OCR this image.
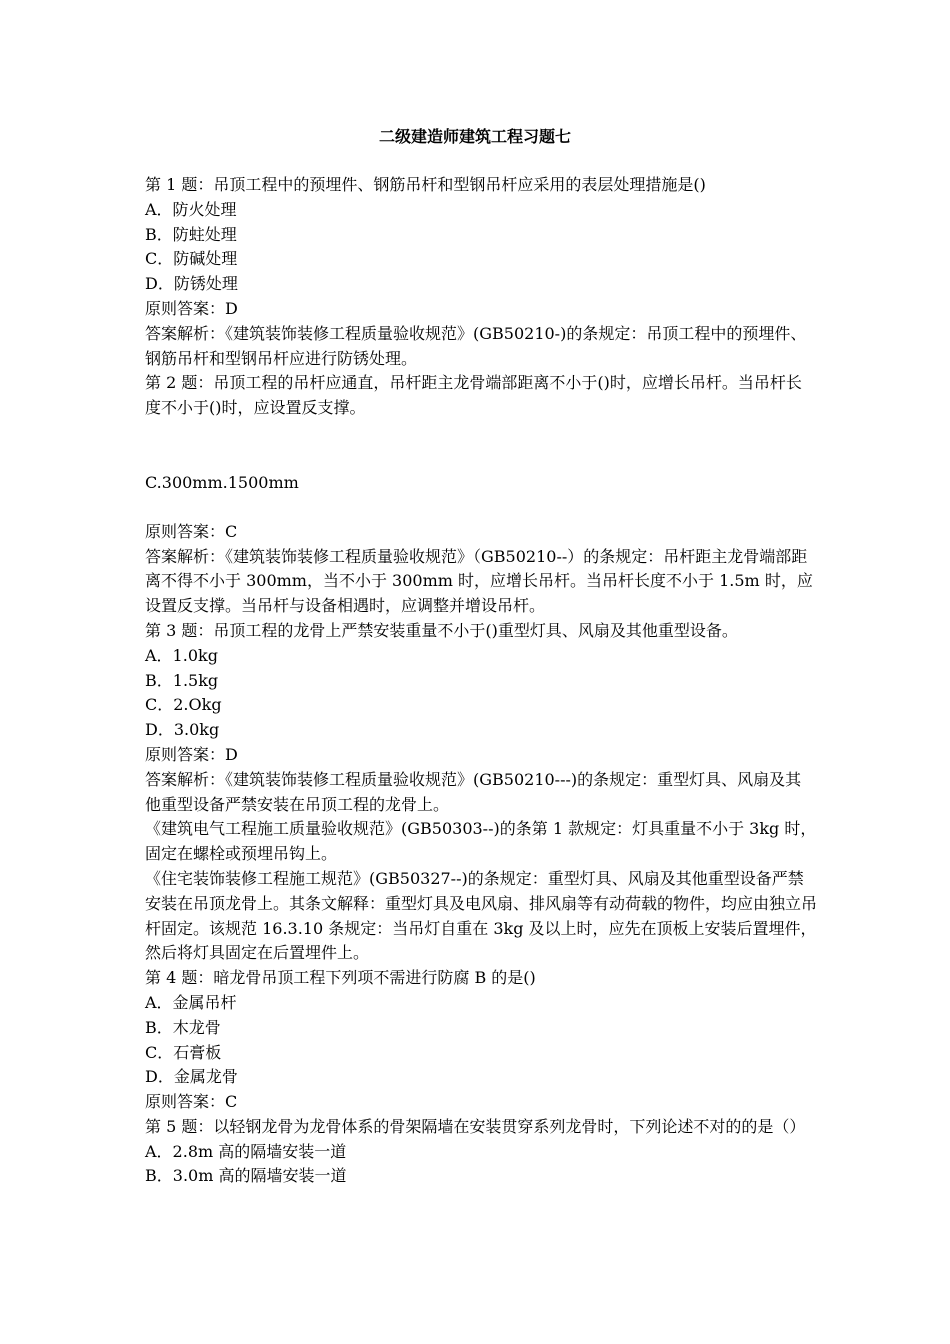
二级建造师建筑工程习题七

第 1 题：吊顶工程中的预埋件、钢筋吊杆和型钢吊杆应采用的表层处理措施是()

A．防火处理

B．防蛀处理

C．防碱处理

D．防锈处理

原则答案：D

答案解析：《建筑装饰装修工程质量验收规范》(GB50210-)的条规定：吊顶工程中的预埋件、钢筋吊杆和型钢吊杆应进行防锈处理。

第 2 题：吊顶工程的吊杆应通直，吊杆距主龙骨端部距离不小于()时，应增长吊杆。当吊杆长度不小于()时，应设置反支撑。

C.300mm.1500mm

原则答案：C

答案解析：《建筑装饰装修工程质量验收规范》（GB50210--）的条规定：吊杆距主龙骨端部距离不得不小于 300mm，当不小于 300mm 时，应增长吊杆。当吊杆长度不小于 1.5m 时，应设置反支撑。当吊杆与设备相遇时，应调整并增设吊杆。

第 3 题：吊顶工程的龙骨上严禁安装重量不小于()重型灯具、风扇及其他重型设备。

A．1.0kg

B．1.5kg

C．2.Okg

D．3.0kg

原则答案：D

答案解析：《建筑装饰装修工程质量验收规范》(GB50210---)的条规定：重型灯具、风扇及其他重型设备严禁安装在吊顶工程的龙骨上。

《建筑电气工程施工质量验收规范》(GB50303--)的条第 1 款规定：灯具重量不小于 3kg 时，固定在螺栓或预埋吊钩上。

《住宅装饰装修工程施工规范》(GB50327--)的条规定：重型灯具、风扇及其他重型设备严禁安装在吊顶龙骨上。其条文解释：重型灯具及电风扇、排风扇等有动荷载的物件，均应由独立吊杆固定。该规范 16.3.10 条规定：当吊灯自重在 3kg 及以上时，应先在顶板上安装后置埋件，然后将灯具固定在后置埋件上。

第 4 题：暗龙骨吊顶工程下列项不需进行防腐 B 的是()

A．金属吊杆

B．木龙骨

C．石膏板

D．金属龙骨

原则答案：C

第 5 题：以轻钢龙骨为龙骨体系的骨架隔墙在安装贯穿系列龙骨时，下列论述不对的的是（）

A．2.8m 高的隔墙安装一道

B．3.0m 高的隔墙安装一道
